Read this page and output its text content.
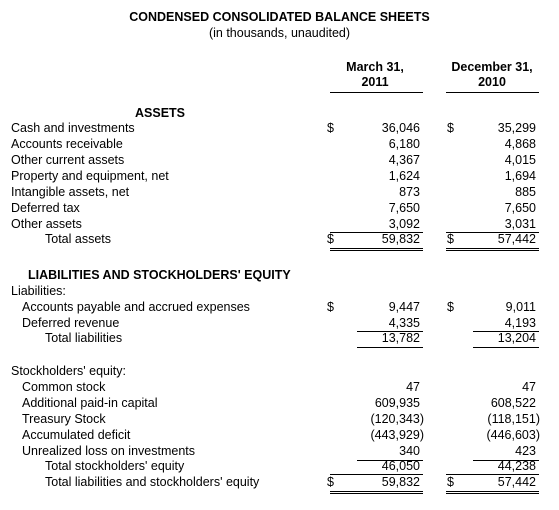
CONDENSED CONSOLIDATED BALANCE SHEETS
(in thousands, unaudited)
March 31,
2011
December 31,
2010
ASSETS
Cash and investments	$	36,046 $	35,299
Accounts receivable	6,180	4,868
Other current assets	4,367	4,015
Property and equipment, net	1,624	1,694
Intangible assets, net	873	885
Deferred tax	7,650	7,650
Other assets	3,092	3,031
Total assets	$	59,832 $	57,442
LIABILITIES AND STOCKHOLDERS' EQUITY
Liabilities:
Accounts payable and accrued expenses	$	9,447 $	9,011
Deferred revenue	4,335	4,193
Total liabilities	13,782	13,204
Stockholders' equity:
Common stock	47	47
Additional paid-in capital	609,935	608,522
Treasury Stock	(120,343)	(118,151)
Accumulated deficit	(443,929)	(446,603)
Unrealized loss on investments	340	423
Total stockholders' equity	46,050	44,238
Total liabilities and stockholders' equity	$	59,832 $	57,442
